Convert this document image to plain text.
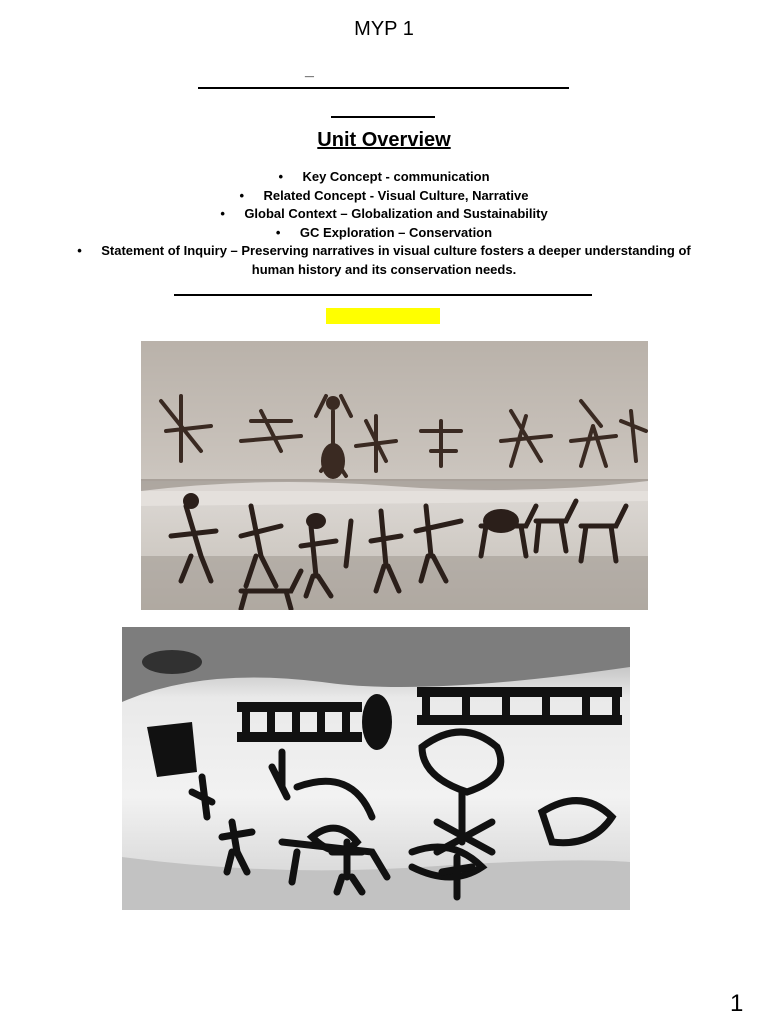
MYP 1
_
Unit Overview
• Key Concept - communication
• Related Concept - Visual Culture, Narrative
• Global Context – Globalization and Sustainability
• GC Exploration – Conservation
• Statement of Inquiry – Preserving narratives in visual culture fosters a deeper understanding of human history and its conservation needs.
1
